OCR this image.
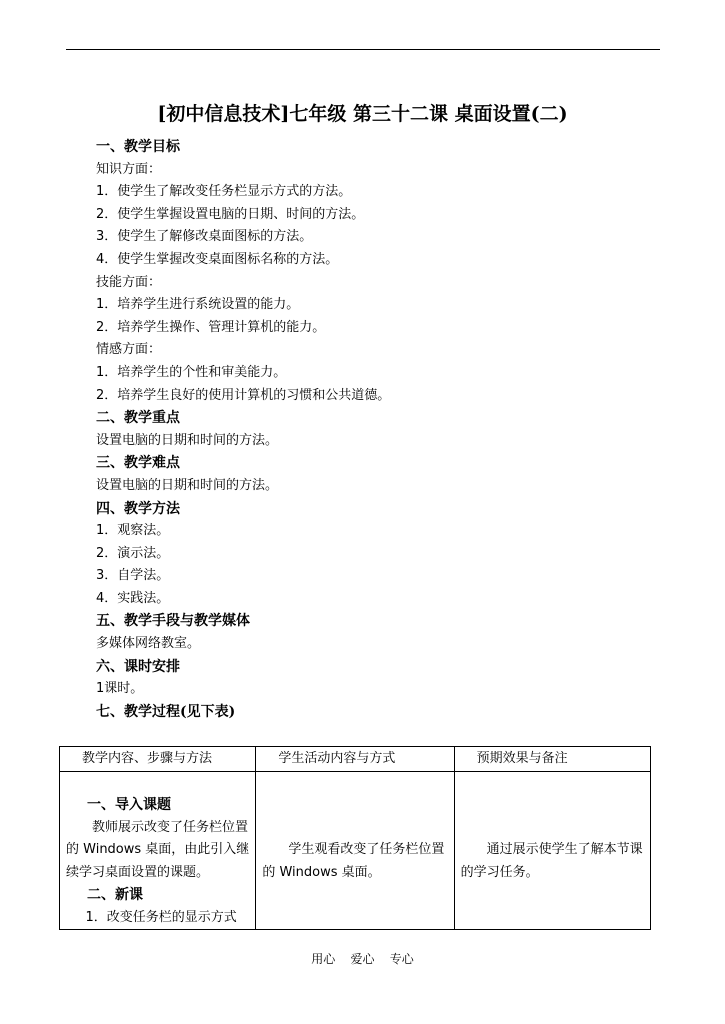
[初中信息技术]七年级 第三十二课 桌面设置(二)
一、教学目标
知识方面：
1．使学生了解改变任务栏显示方式的方法。
2．使学生掌握设置电脑的日期、时间的方法。
3．使学生了解修改桌面图标的方法。
4．使学生掌握改变桌面图标名称的方法。
技能方面：
1．培养学生进行系统设置的能力。
2．培养学生操作、管理计算机的能力。
情感方面：
1．培养学生的个性和审美能力。
2．培养学生良好的使用计算机的习惯和公共道德。
二、教学重点
设置电脑的日期和时间的方法。
三、教学难点
设置电脑的日期和时间的方法。
四、教学方法
1．观察法。
2．演示法。
3．自学法。
4．实践法。
五、教学手段与教学媒体
多媒体网络教室。
六、课时安排
1课时。
七、教学过程(见下表)
教学内容、步骤与方法	学生活动内容与方式	预期效果与备注

一、导入课题

教师展示改变了任务栏位置的 Windows 桌面，由此引入继续学习桌面设置的课题。

二、新课

1．改变任务栏的显示方式	学生观看改变了任务栏位置的 Windows 桌面。	通过展示使学生了解本节课的学习任务。

用心    爱心    专心
